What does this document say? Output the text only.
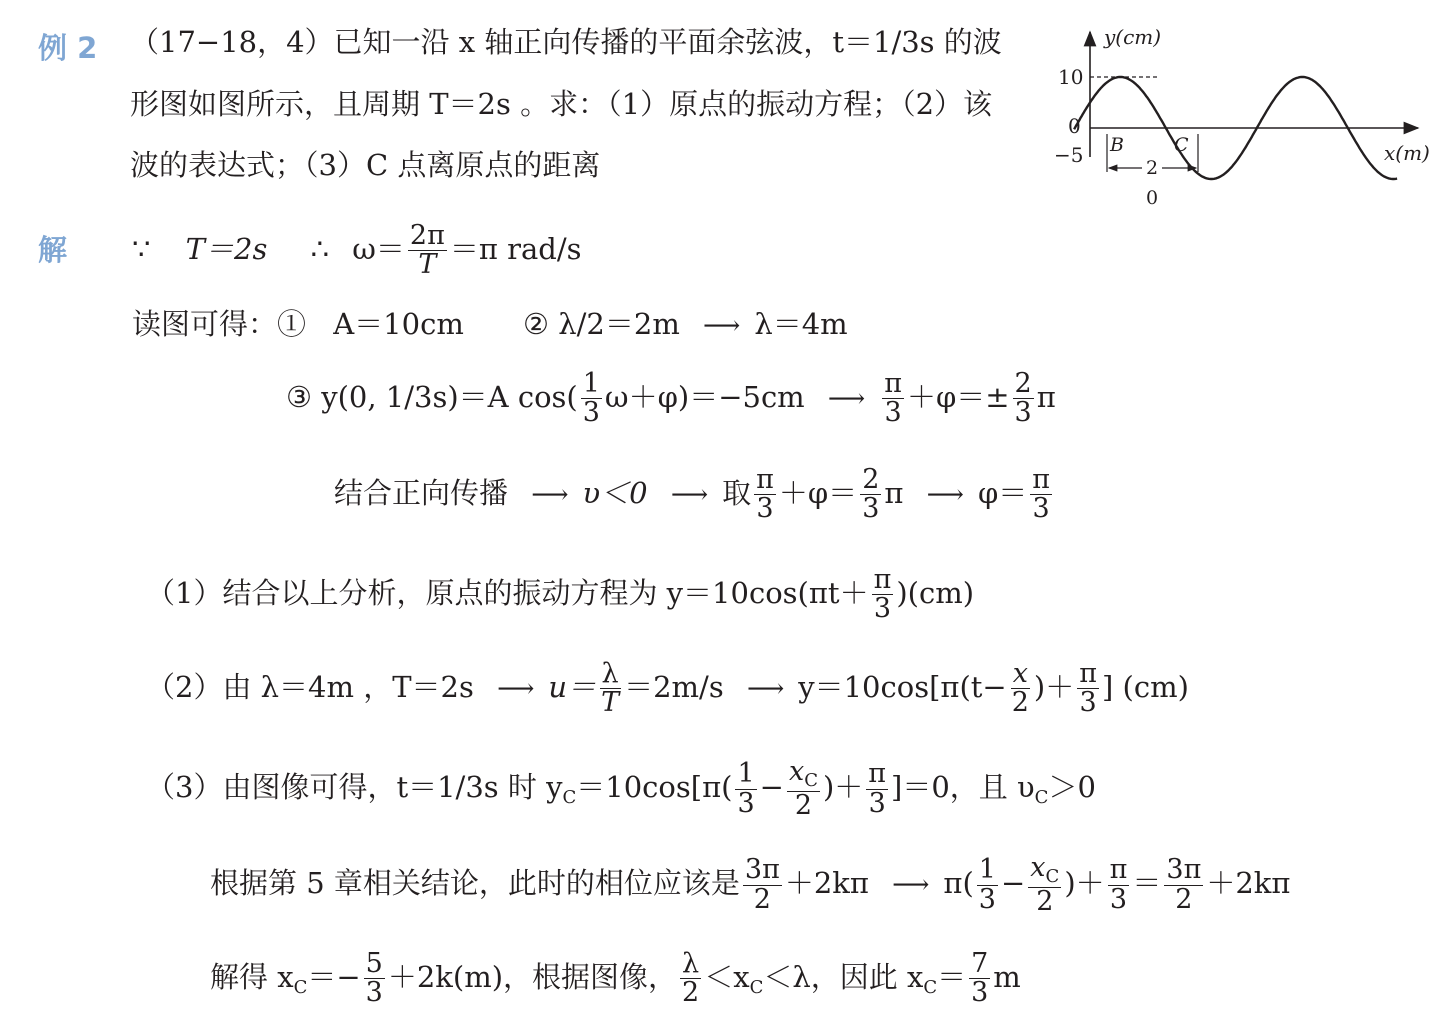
例 2 （17−18，4）已知一沿 x 轴正向传播的平面余弦波，t＝1/3s 的波
形图如图所示，且周期 T＝2s 。求：（1）原点的振动方程；（2）该
波的表达式；（3）C 点离原点的距离
y(cm)
x(m)
10
0
−5 B	C
2
0
解 ∵ T＝2s ∴ $\omega= \frac{2\pi}{T} =\pi$ rad/s
读图可得：① A＝10cm ② λ/2＝2m ⟶ λ＝4m
③ y(0, 1/3s)＝A $\cos( \frac{1}{3} \omega+\varphi)=-5cm$ ⟶ $\frac{\pi}{3} +\varphi=\pm \frac{2}{3}$ π
结合正向传播 ⟶ υ＜0 ⟶ 取 $\frac{\pi}{3} +\varphi= \frac{2}{3}$ π ⟶ $\varphi= \frac{\pi}{3}$
（1）结合以上分析，原点的振动方程为 $y=10\cos(\pi t+ \frac{\pi}{3} )(cm)$
（2）由 λ＝4m ，T＝2s ⟶ $u= \frac{\lambda}{T} =2m/s$ ⟶ $y=10\cos[\pi(t- \frac{x}{2}$ )＋ $\frac{\pi}{3}$ ] (cm)
（3）由图像可得，t＝1/3s 时 $y_C=10\cos[\pi( \frac{1}{3} - \frac{x_C}{2}$ )＋ $\frac{\pi}{3} ]=0$，且 $\upsilon_C>0$
根据第 5 章相关结论，此时的相位应该是 $\frac{3\pi}{2} +2k\pi$ ⟶ $\pi( \frac{1}{3} - \frac{x_C}{2}$ )＋ $\frac{\pi}{3} = \frac{3\pi}{2} +2k\pi$
解得 $x_C=- \frac{5}{3} +2k(m)$，根据图像， $\frac{\lambda}{2} <x_C<\lambda$，因此 $x_C= \frac{7}{3}$ m
